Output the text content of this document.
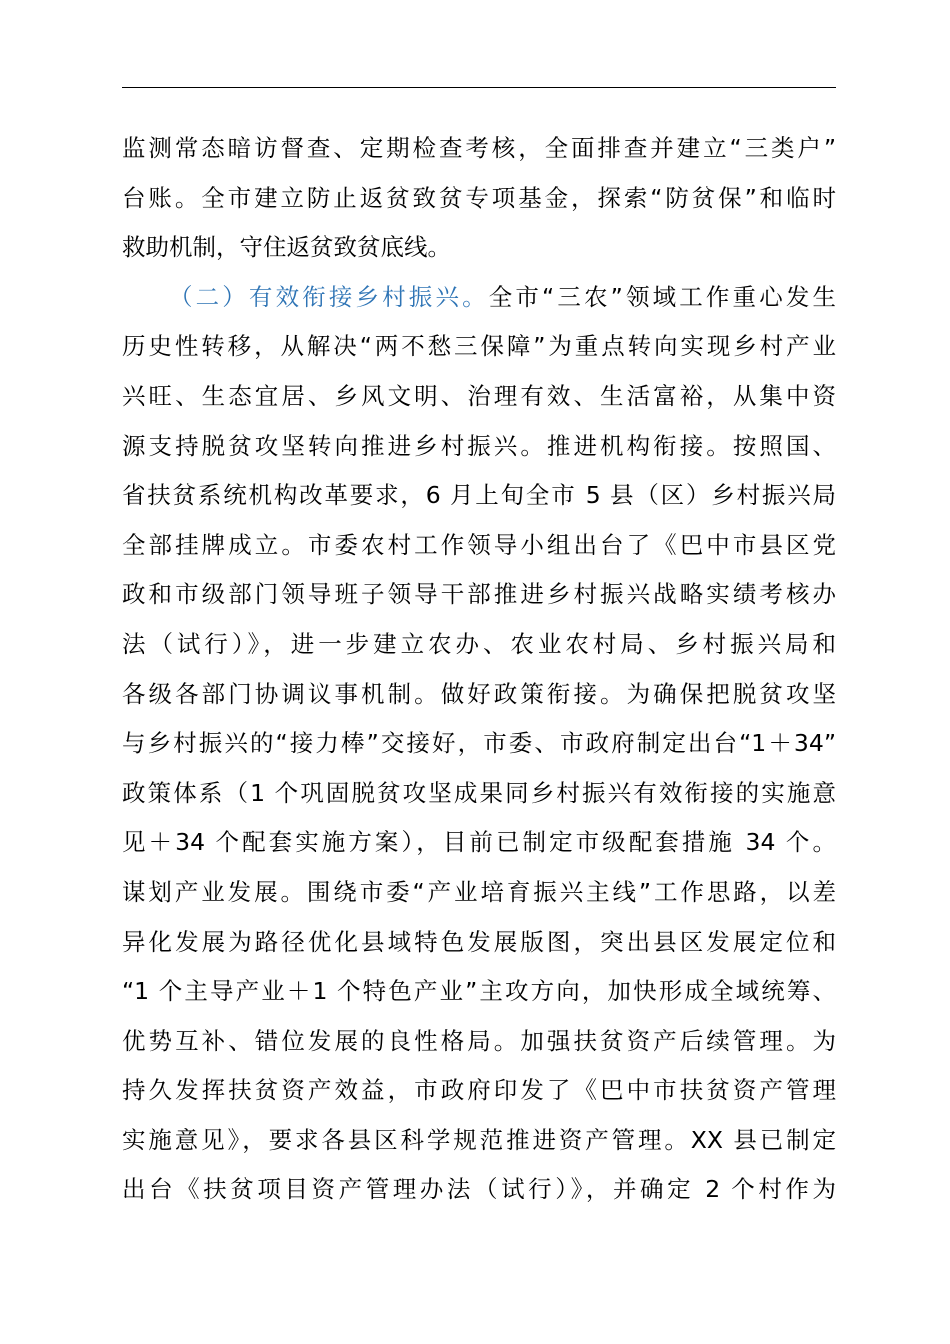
监测常态暗访督查、定期检查考核，全面排查并建立“三类户”
台账。全市建立防止返贫致贫专项基金，探索“防贫保”和临时
救助机制，守住返贫致贫底线。
（二）有效衔接乡村振兴。全市“三农”领域工作重心发生
历史性转移，从解决“两不愁三保障”为重点转向实现乡村产业
兴旺、生态宜居、乡风文明、治理有效、生活富裕，从集中资
源支持脱贫攻坚转向推进乡村振兴。推进机构衔接。按照国、
省扶贫系统机构改革要求，6 月上旬全市 5 县（区）乡村振兴局
全部挂牌成立。市委农村工作领导小组出台了《巴中市县区党
政和市级部门领导班子领导干部推进乡村振兴战略实绩考核办
法（试行）》，进一步建立农办、农业农村局、乡村振兴局和
各级各部门协调议事机制。做好政策衔接。为确保把脱贫攻坚
与乡村振兴的“接力棒”交接好，市委、市政府制定出台“1＋34”
政策体系（1 个巩固脱贫攻坚成果同乡村振兴有效衔接的实施意
见＋34 个配套实施方案），目前已制定市级配套措施 34 个。
谋划产业发展。围绕市委“产业培育振兴主线”工作思路，以差
异化发展为路径优化县域特色发展版图，突出县区发展定位和
“1 个主导产业＋1 个特色产业”主攻方向，加快形成全域统筹、
优势互补、错位发展的良性格局。加强扶贫资产后续管理。为
持久发挥扶贫资产效益，市政府印发了《巴中市扶贫资产管理
实施意见》，要求各县区科学规范推进资产管理。XX 县已制定
出台《扶贫项目资产管理办法（试行）》，并确定 2 个村作为
